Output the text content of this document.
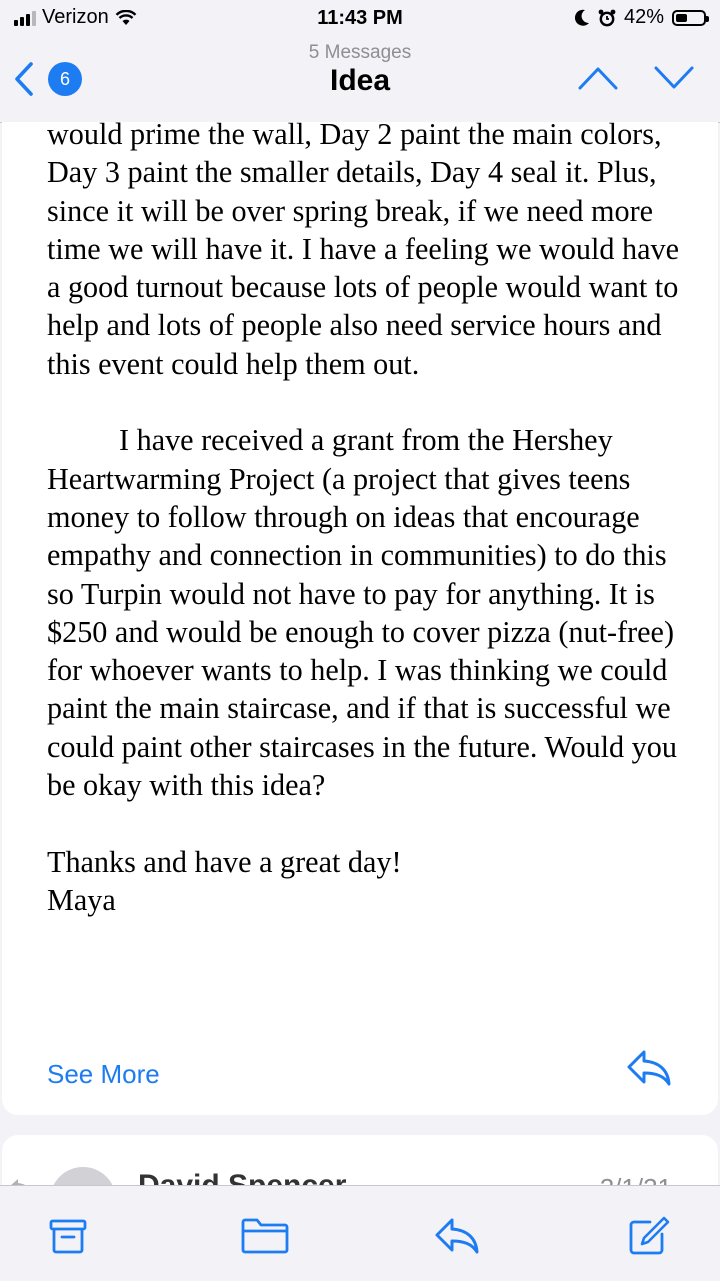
Verizon	11:43 PM	42%
6
5 Messages
Idea

would prime the wall, Day 2 paint the main colors, Day 3 paint the smaller details, Day 4 seal it. Plus, since it will be over spring break, if we need more time we will have it. I have a feeling we would have a good turnout because lots of people would want to help and lots of people also need service hours and this event could help them out.

I have received a grant from the Hershey Heartwarming Project (a project that gives teens money to follow through on ideas that encourage empathy and connection in communities) to do this so Turpin would not have to pay for anything. It is $250 and would be enough to cover pizza (nut-free) for whoever wants to help. I was thinking we could paint the main staircase, and if that is successful we could paint other staircases in the future. Would you be okay with this idea?

Thanks and have a great day!

Maya

See More
